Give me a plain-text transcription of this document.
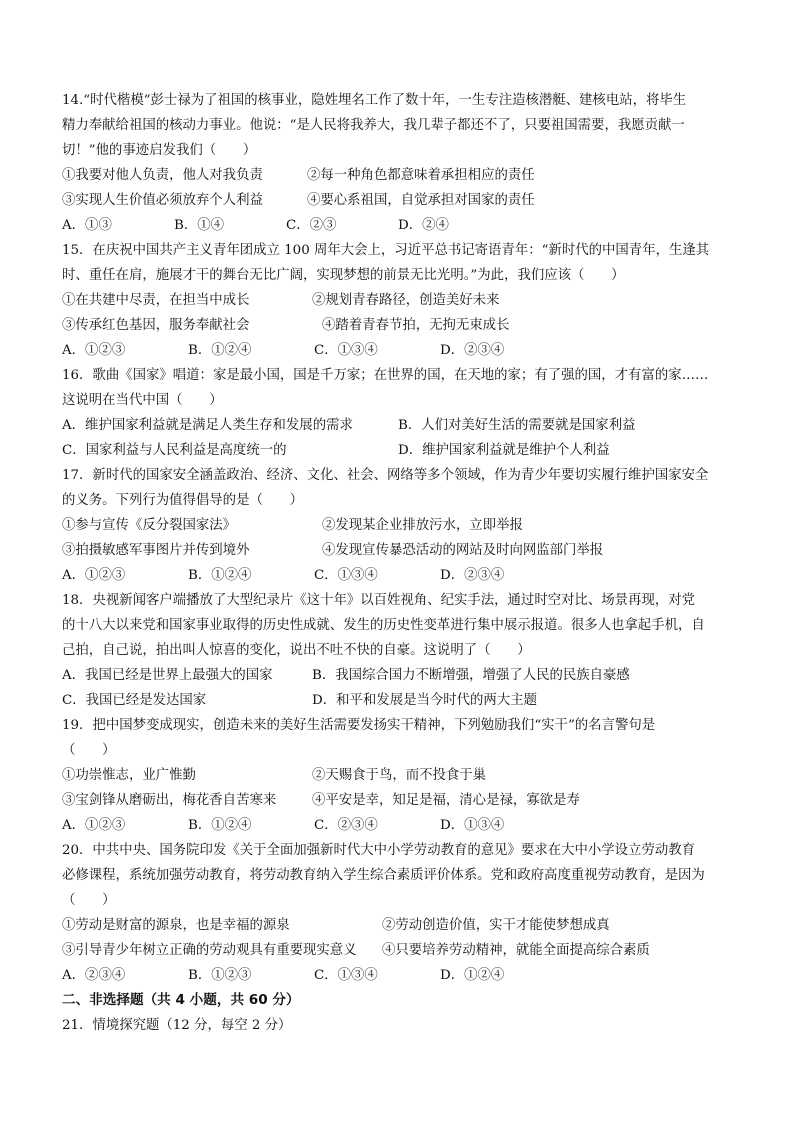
14.“时代楷模”彭士禄为了祖国的核事业，隐姓埋名工作了数十年，一生专注造核潜艇、建核电站，将毕生
精力奉献给祖国的核动力事业。他说：“是人民将我养大，我几辈子都还不了，只要祖国需要，我愿贡献一
切！”他的事迹启发我们（　　）
①我要对他人负责，他人对我负责	②每一种角色都意味着承担相应的责任
③实现人生价值必须放弃个人利益	④要心系祖国，自觉承担对国家的责任
A．①③	B．①④	C．②③	D．②④
15．在庆祝中国共产主义青年团成立 100 周年大会上，习近平总书记寄语青年：“新时代的中国青年，生逢其
时、重任在肩，施展才干的舞台无比广阔，实现梦想的前景无比光明。”为此，我们应该（　　）
①在共建中尽责，在担当中成长	②规划青春路径，创造美好未来
③传承红色基因，服务奉献社会	④踏着青春节拍，无拘无束成长
A．①②③	B．①②④	C．①③④	D．②③④
16．歌曲《国家》唱道：家是最小国，国是千万家；在世界的国，在天地的家；有了强的国，才有富的家……
这说明在当代中国（　　）
A．维护国家利益就是满足人类生存和发展的需求	B．人们对美好生活的需要就是国家利益
C．国家利益与人民利益是高度统一的	D．维护国家利益就是维护个人利益
17．新时代的国家安全涵盖政治、经济、文化、社会、网络等多个领域，作为青少年要切实履行维护国家安全
的义务。下列行为值得倡导的是（　　）
①参与宣传《反分裂国家法》	②发现某企业排放污水，立即举报
③拍摄敏感军事图片并传到境外	④发现宣传暴恐活动的网站及时向网监部门举报
A．①②③	B．①②④	C．①③④	D．②③④
18．央视新闻客户端播放了大型纪录片《这十年》以百姓视角、纪实手法，通过时空对比、场景再现，对党
的十八大以来党和国家事业取得的历史性成就、发生的历史性变革进行集中展示报道。很多人也拿起手机，自
己拍，自己说，拍出叫人惊喜的变化，说出不吐不快的自豪。这说明了（　　）
A．我国已经是世界上最强大的国家	B．我国综合国力不断增强，增强了人民的民族自豪感
C．我国已经是发达国家	D．和平和发展是当今时代的两大主题
19．把中国梦变成现实，创造未来的美好生活需要发扬实干精神，下列勉励我们“实干”的名言警句是
（　　）
①功崇惟志，业广惟勤	②天赐食于鸟，而不投食于巢
③宝剑锋从磨砺出，梅花香自苦寒来	④平安是幸，知足是福，清心是禄，寡欲是寿
A．①②③	B．①②④	C．②③④	D．①③④
20．中共中央、国务院印发《关于全面加强新时代大中小学劳动教育的意见》要求在大中小学设立劳动教育
必修课程，系统加强劳动教育，将劳动教育纳入学生综合素质评价体系。党和政府高度重视劳动教育，是因为
（　　）
①劳动是财富的源泉，也是幸福的源泉	②劳动创造价值，实干才能使梦想成真
③引导青少年树立正确的劳动观具有重要现实意义	④只要培养劳动精神，就能全面提高综合素质
A．②③④	B．①②③	C．①③④	D．①②④
二、非选择题（共 4 小题，共 60 分）
21．情境探究题（12 分，每空 2 分）
